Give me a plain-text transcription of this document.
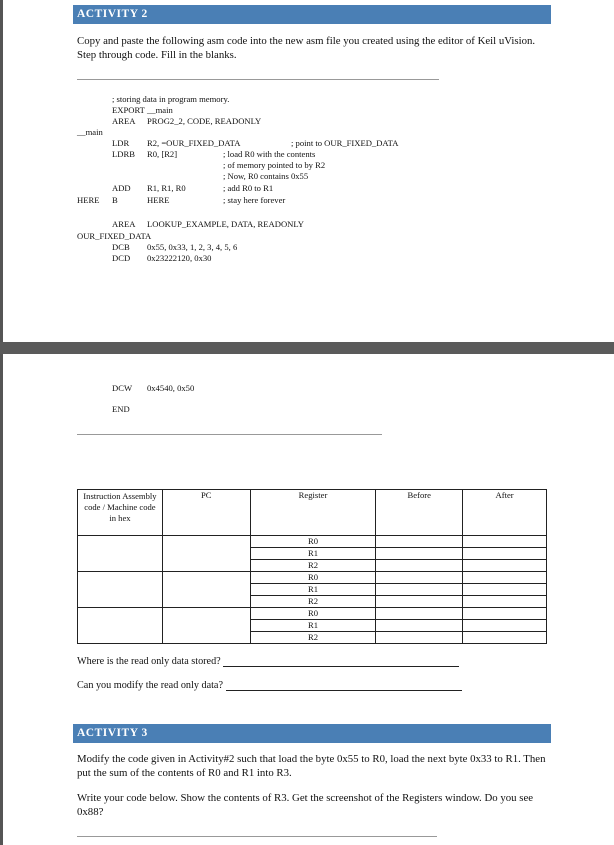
ACTIVITY 2
Copy and paste the following asm code into the new asm file you created using the editor of Keil uVision. Step through code. Fill in the blanks.
; storing data in program memory.
EXPORT __main
AREA PROG2_2, CODE, READONLY
__main
LDR R2, =OUR_FIXED_DATA	; point to OUR_FIXED_DATA
LDRB R0, [R2]	; load R0 with the contents
; of memory pointed to by R2
; Now, R0 contains 0x55
ADD R1, R1, R0	; add R0 to R1
HERE B	HERE	; stay here forever
AREA LOOKUP_EXAMPLE, DATA, READONLY
OUR_FIXED_DATA
DCB 0x55, 0x33, 1, 2, 3, 4, 5, 6
DCD 0x23222120, 0x30
DCW 0x4540, 0x50
END
Instruction Assembly code / Machine code in hex	PC	Register	Before	After
		R0		
		R1		
		R2		
		R0		
		R1		
		R2		
		R0		
		R1		
		R2		
Where is the read only data stored?
Can you modify the read only data?
ACTIVITY 3
Modify the code given in Activity#2 such that load the byte 0x55 to R0, load the next byte 0x33 to R1. Then put the sum of the contents of R0 and R1 into R3.
Write your code below. Show the contents of R3. Get the screenshot of the Registers window. Do you see 0x88?
